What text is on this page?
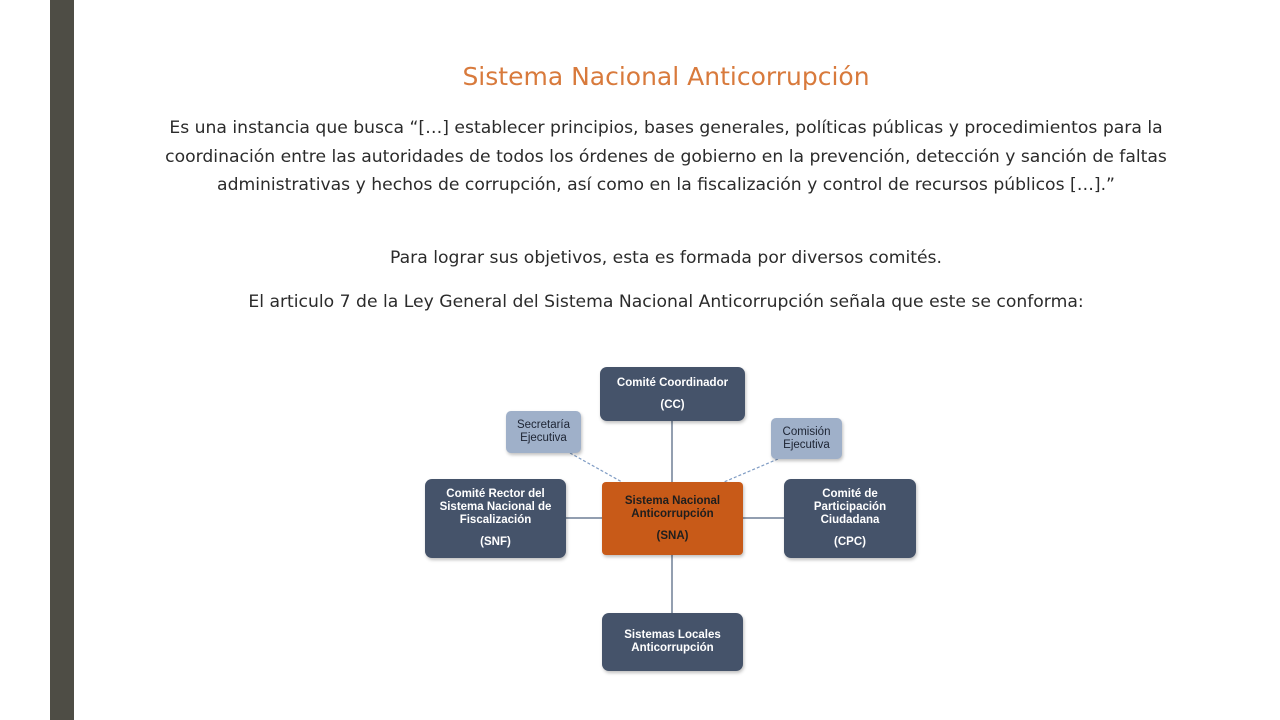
Sistema Nacional Anticorrupción
Es una instancia que busca “[…] establecer principios, bases generales, políticas públicas y procedimientos para la coordinación entre las autoridades de todos los órdenes de gobierno en la prevención, detección y sanción de faltas administrativas y hechos de corrupción, así como en la fiscalización y control de recursos públicos […].”
Para lograr sus objetivos, esta es formada por diversos comités.
El articulo 7 de la Ley General del Sistema Nacional Anticorrupción señala que este se conforma:
Comité Coordinador
(CC)
Secretaría
Ejecutiva
Comisión
Ejecutiva
Comité Rector del
Sistema Nacional de
Fiscalización
(SNF)
Sistema Nacional
Anticorrupción
(SNA)
Comité de
Participación
Ciudadana
(CPC)
Sistemas Locales
Anticorrupción
